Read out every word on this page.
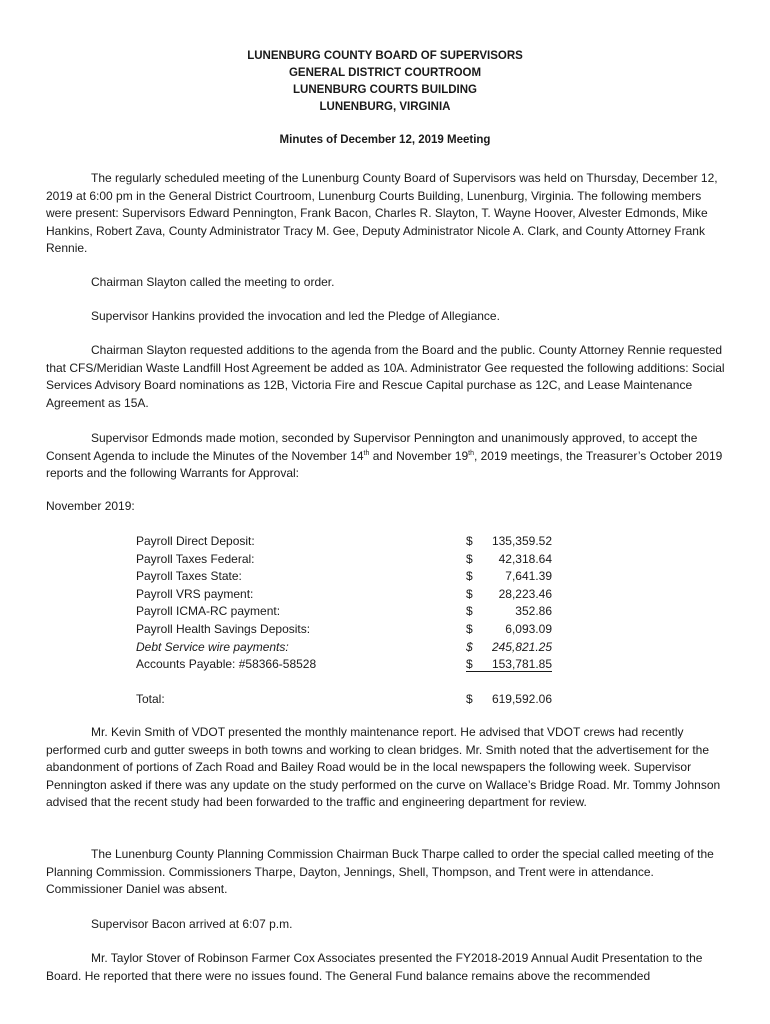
LUNENBURG COUNTY BOARD OF SUPERVISORS
GENERAL DISTRICT COURTROOM
LUNENBURG COURTS BUILDING
LUNENBURG, VIRGINIA
Minutes of December 12, 2019 Meeting
The regularly scheduled meeting of the Lunenburg County Board of Supervisors was held on Thursday, December 12, 2019 at 6:00 pm in the General District Courtroom, Lunenburg Courts Building, Lunenburg, Virginia. The following members were present: Supervisors Edward Pennington, Frank Bacon, Charles R. Slayton, T. Wayne Hoover, Alvester Edmonds, Mike Hankins, Robert Zava, County Administrator Tracy M. Gee, Deputy Administrator Nicole A. Clark, and County Attorney Frank Rennie.
Chairman Slayton called the meeting to order.
Supervisor Hankins provided the invocation and led the Pledge of Allegiance.
Chairman Slayton requested additions to the agenda from the Board and the public. County Attorney Rennie requested that CFS/Meridian Waste Landfill Host Agreement be added as 10A. Administrator Gee requested the following additions: Social Services Advisory Board nominations as 12B, Victoria Fire and Rescue Capital purchase as 12C, and Lease Maintenance Agreement as 15A.
Supervisor Edmonds made motion, seconded by Supervisor Pennington and unanimously approved, to accept the Consent Agenda to include the Minutes of the November 14th and November 19th, 2019 meetings, the Treasurer’s October 2019 reports and the following Warrants for Approval:
November 2019:
Payroll Direct Deposit:	$ 135,359.52
Payroll Taxes Federal:	$ 42,318.64
Payroll Taxes State:	$	7,641.39
Payroll VRS payment:	$ 28,223.46
Payroll ICMA-RC payment:	$	352.86
Payroll Health Savings Deposits:	$	6,093.09
Debt Service wire payments:	$ 245,821.25
Accounts Payable: #58366-58528	$ 153,781.85
Total:	$ 619,592.06
Mr. Kevin Smith of VDOT presented the monthly maintenance report. He advised that VDOT crews had recently performed curb and gutter sweeps in both towns and working to clean bridges. Mr. Smith noted that the advertisement for the abandonment of portions of Zach Road and Bailey Road would be in the local newspapers the following week. Supervisor Pennington asked if there was any update on the study performed on the curve on Wallace’s Bridge Road. Mr. Tommy Johnson advised that the recent study had been forwarded to the traffic and engineering department for review.
The Lunenburg County Planning Commission Chairman Buck Tharpe called to order the special called meeting of the Planning Commission. Commissioners Tharpe, Dayton, Jennings, Shell, Thompson, and Trent were in attendance. Commissioner Daniel was absent.
Supervisor Bacon arrived at 6:07 p.m.
Mr. Taylor Stover of Robinson Farmer Cox Associates presented the FY2018-2019 Annual Audit Presentation to the Board. He reported that there were no issues found. The General Fund balance remains above the recommended
